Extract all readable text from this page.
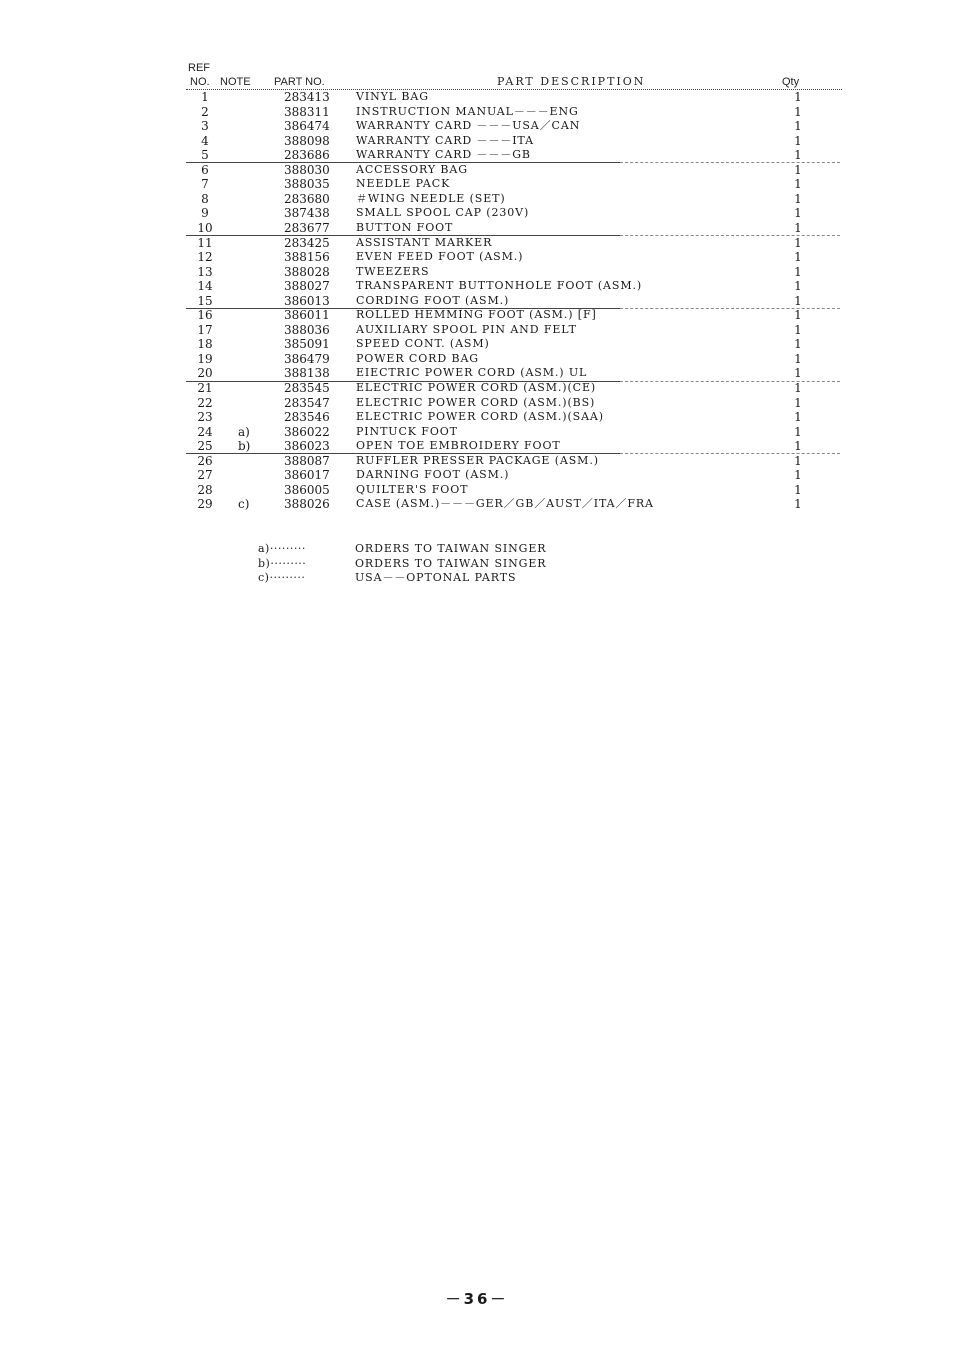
REF
NO. NOTE PART NO.	PART DESCRIPTION	Qty
1	283413 VINYL BAG	1
2	388311 INSTRUCTION MANUAL－－－ENG	1
3	386474 WARRANTY CARD －－－USA／CAN	1
4	388098 WARRANTY CARD －－－ITA	1
5	283686 WARRANTY CARD －－－GB	1
6	388030 ACCESSORY BAG	1
7	388035 NEEDLE PACK	1
8	283680 ＃WING NEEDLE (SET)	1
9	387438 SMALL SPOOL CAP (230V)	1
10	283677 BUTTON FOOT	1
11	283425 ASSISTANT MARKER	1
12	388156 EVEN FEED FOOT (ASM.)	1
13	388028 TWEEZERS	1
14	388027 TRANSPARENT BUTTONHOLE FOOT (ASM.)	1
15	386013 CORDING FOOT (ASM.)	1
16	386011 ROLLED HEMMING FOOT (ASM.) [F]	1
17	388036 AUXILIARY SPOOL PIN AND FELT	1
18	385091 SPEED CONT. (ASM)	1
19	386479 POWER CORD BAG	1
20	388138 EIECTRIC POWER CORD (ASM.) UL	1
21	283545 ELECTRIC POWER CORD (ASM.)(CE)	1
22	283547 ELECTRIC POWER CORD (ASM.)(BS)	1
23	283546 ELECTRIC POWER CORD (ASM.)(SAA)	1
24	a)	386022 PINTUCK FOOT	1
25	b)	386023 OPEN TOE EMBROIDERY FOOT	1
26	388087 RUFFLER PRESSER PACKAGE (ASM.)	1
27	386017 DARNING FOOT (ASM.)	1
28	386005 QUILTER'S FOOT	1
29	c)	388026 CASE (ASM.)－－－GER／GB／AUST／ITA／FRA	1
a)·········	ORDERS TO TAIWAN SINGER
b)·········	ORDERS TO TAIWAN SINGER
c)·········	USA－－OPTONAL PARTS
－36－
